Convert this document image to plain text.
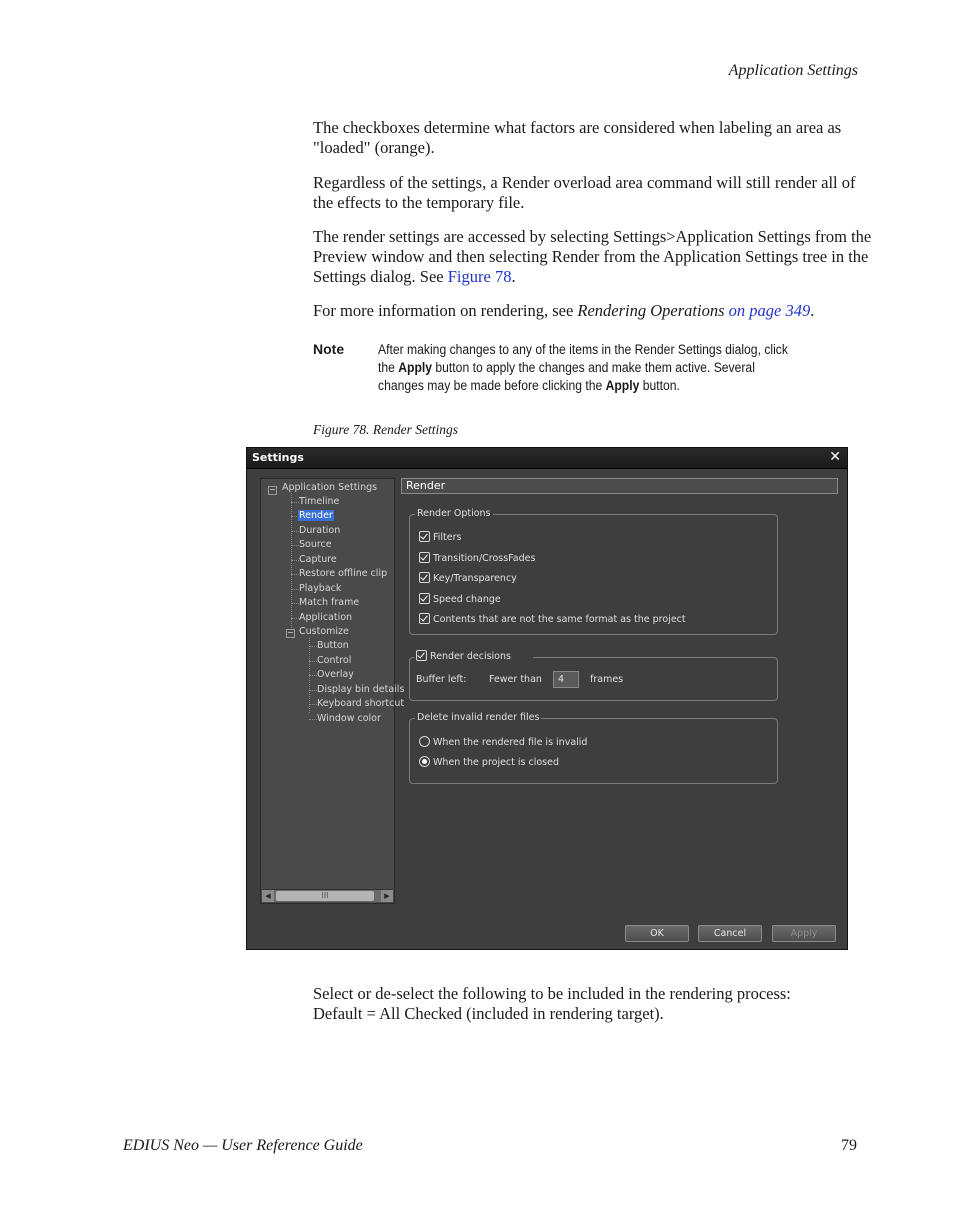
Application Settings

The checkboxes determine what factors are considered when labeling an area as "loaded" (orange).

Regardless of the settings, a Render overload area command will still render all of the effects to the temporary file.

The render settings are accessed by selecting Settings>Application Settings from the Preview window and then selecting Render from the Application Settings tree in the Settings dialog. See Figure 78.

For more information on rendering, see Rendering Operations on page 349.

Note	After making changes to any of the items in the Render Settings dialog, click the Apply button to apply the changes and make them active. Several changes may be made before clicking the Apply button.
Figure 78. Render Settings
Settings	✕
− Application Settings
Timeline
Render
Duration
Source
Capture
Restore offline clip
Playback
Match frame
Application
− Customize
Button
Control
Overlay
Display bin details
Keyboard shortcut
Window color
◀	III	▶
Render
Render Options
Filters
Transition/CrossFades
Key/Transparency
Speed change
Contents that are not the same format as the project
Render decisions
Buffer left: Fewer than	4	frames
Delete invalid render files
When the rendered file is invalid
When the project is closed
OK	Cancel	Apply

Select or de-select the following to be included in the rendering process:

Default = All Checked (included in rendering target).

EDIUS Neo — User Reference Guide	79
